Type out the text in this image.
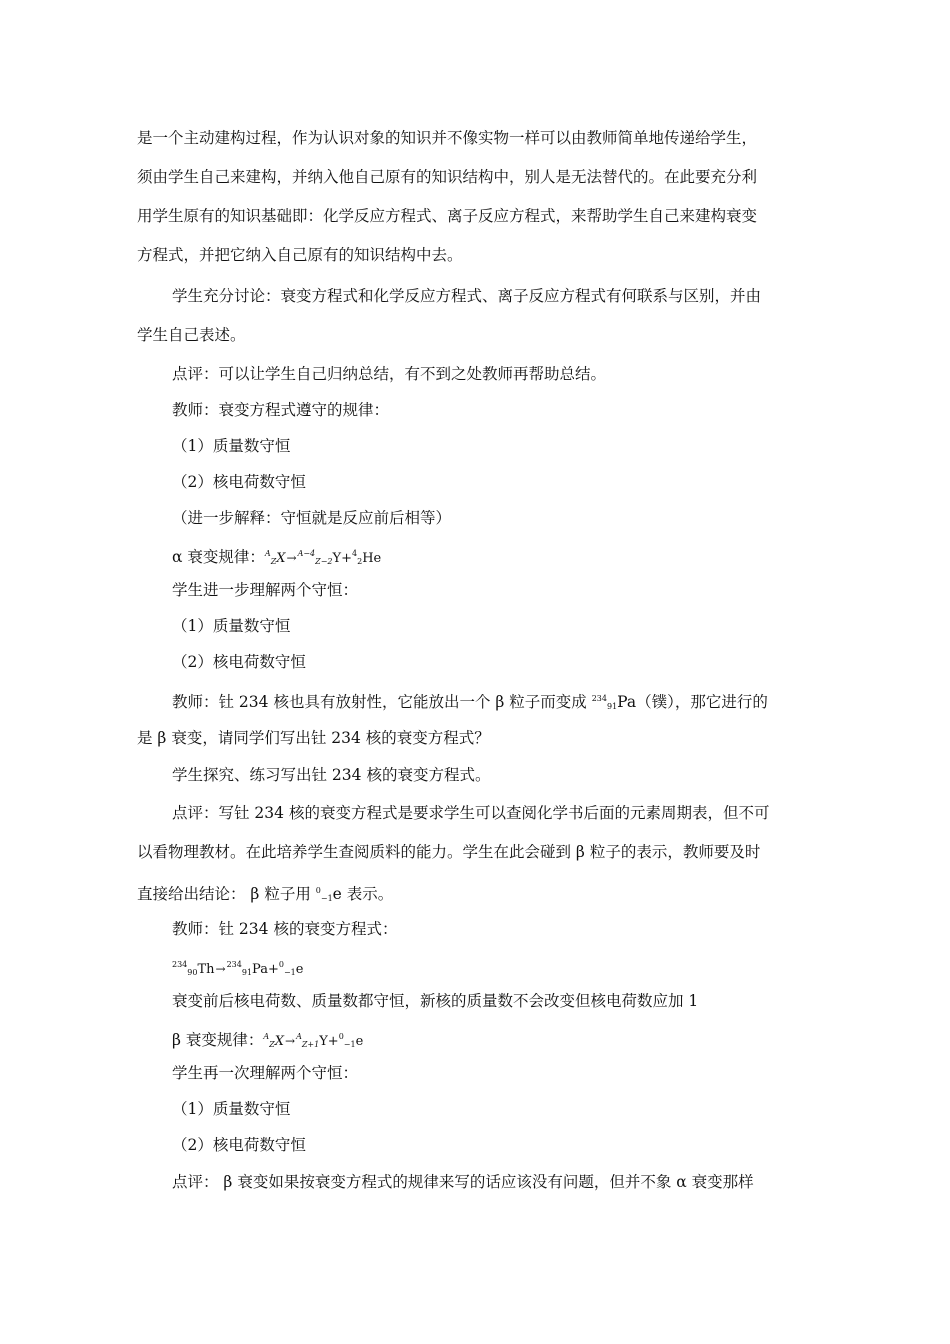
是一个主动建构过程，作为认识对象的知识并不像实物一样可以由教师简单地传递给学生，
须由学生自己来建构，并纳入他自己原有的知识结构中，别人是无法替代的。在此要充分利
用学生原有的知识基础即：化学反应方程式、离子反应方程式，来帮助学生自己来建构衰变
方程式，并把它纳入自己原有的知识结构中去。
学生充分讨论：衰变方程式和化学反应方程式、离子反应方程式有何联系与区别，并由
学生自己表述。
点评：可以让学生自己归纳总结，有不到之处教师再帮助总结。
教师：衰变方程式遵守的规律：
（1）质量数守恒
（2）核电荷数守恒
（进一步解释：守恒就是反应前后相等）
α 衰变规律：$^A_Z$X→$^{A-4}_{Z-2}$Y+$^4_2$He
学生进一步理解两个守恒：
（1）质量数守恒
（2）核电荷数守恒
教师：钍 234 核也具有放射性，它能放出一个 β 粒子而变成 $^{234}_{91}$Pa（镤），那它进行的
是 β 衰变，请同学们写出钍 234 核的衰变方程式？
学生探究、练习写出钍 234 核的衰变方程式。
点评：写钍 234 核的衰变方程式是要求学生可以查阅化学书后面的元素周期表，但不可
以看物理教材。在此培养学生查阅质料的能力。学生在此会碰到 β 粒子的表示，教师要及时
直接给出结论： β 粒子用 $^0_{-1}$e 表示。
教师：钍 234 核的衰变方程式：
$^{234}_{90}$Th→$^{234}_{91}$Pa+$^0_{-1}$e
衰变前后核电荷数、质量数都守恒，新核的质量数不会改变但核电荷数应加 1
β 衰变规律：$^A_Z$X→$^A_{Z+1}$Y+$^0_{-1}$e
学生再一次理解两个守恒：
（1）质量数守恒
（2）核电荷数守恒
点评： β 衰变如果按衰变方程式的规律来写的话应该没有问题，但并不象 α 衰变那样
